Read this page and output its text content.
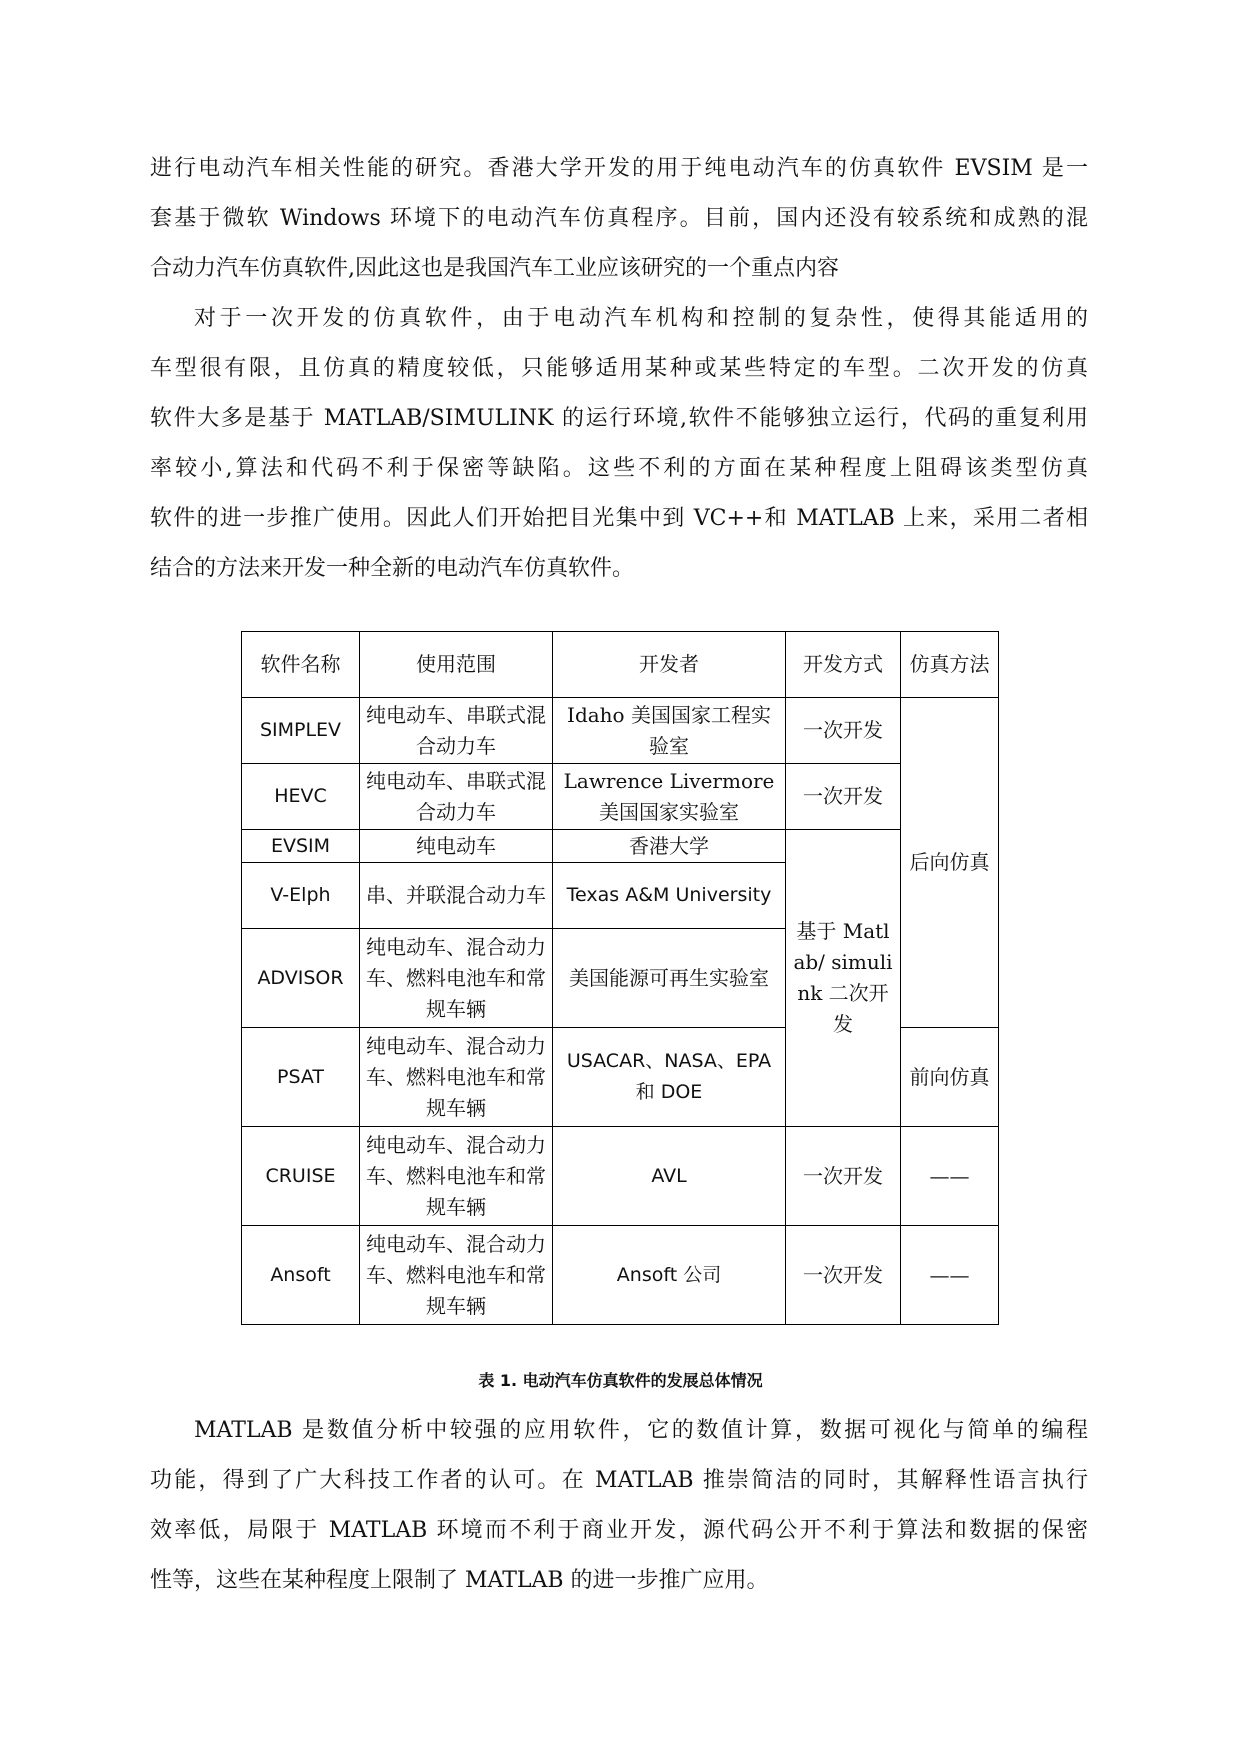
进行电动汽车相关性能的研究。香港大学开发的用于纯电动汽车的仿真软件 EVSIM 是一
套基于微软 Windows 环境下的电动汽车仿真程序。目前，国内还没有较系统和成熟的混
合动力汽车仿真软件,因此这也是我国汽车工业应该研究的一个重点内容
对于一次开发的仿真软件，由于电动汽车机构和控制的复杂性，使得其能适用的
车型很有限，且仿真的精度较低，只能够适用某种或某些特定的车型。二次开发的仿真
软件大多是基于 MATLAB/SIMULINK 的运行环境,软件不能够独立运行，代码的重复利用
率较小,算法和代码不利于保密等缺陷。这些不利的方面在某种程度上阻碍该类型仿真
软件的进一步推广使用。因此人们开始把目光集中到 VC++和 MATLAB 上来，采用二者相
结合的方法来开发一种全新的电动汽车仿真软件。
软件名称	使用范围	开发者	开发方式	仿真方法
SIMPLEV	纯电动车、串联式混合动力车	Idaho 美国国家工程实验室	一次开发	后向仿真
HEVC	纯电动车、串联式混合动力车	Lawrence Livermore 美国国家实验室	一次开发	
EVSIM	纯电动车	香港大学	基于 Matlab/ simulink 二次开发	
V-Elph	串、并联混合动力车	Texas A&M University		
ADVISOR	纯电动车、混合动力车、燃料电池车和常规车辆	美国能源可再生实验室		
PSAT	纯电动车、混合动力车、燃料电池车和常规车辆	USACAR、NASA、EPA 和 DOE		前向仿真
CRUISE	纯电动车、混合动力车、燃料电池车和常规车辆	AVL	一次开发	——
Ansoft	纯电动车、混合动力车、燃料电池车和常规车辆	Ansoft 公司	一次开发	——
表 1. 电动汽车仿真软件的发展总体情况
MATLAB 是数值分析中较强的应用软件，它的数值计算，数据可视化与简单的编程
功能，得到了广大科技工作者的认可。在 MATLAB 推崇简洁的同时，其解释性语言执行
效率低，局限于 MATLAB 环境而不利于商业开发，源代码公开不利于算法和数据的保密
性等，这些在某种程度上限制了 MATLAB 的进一步推广应用。
